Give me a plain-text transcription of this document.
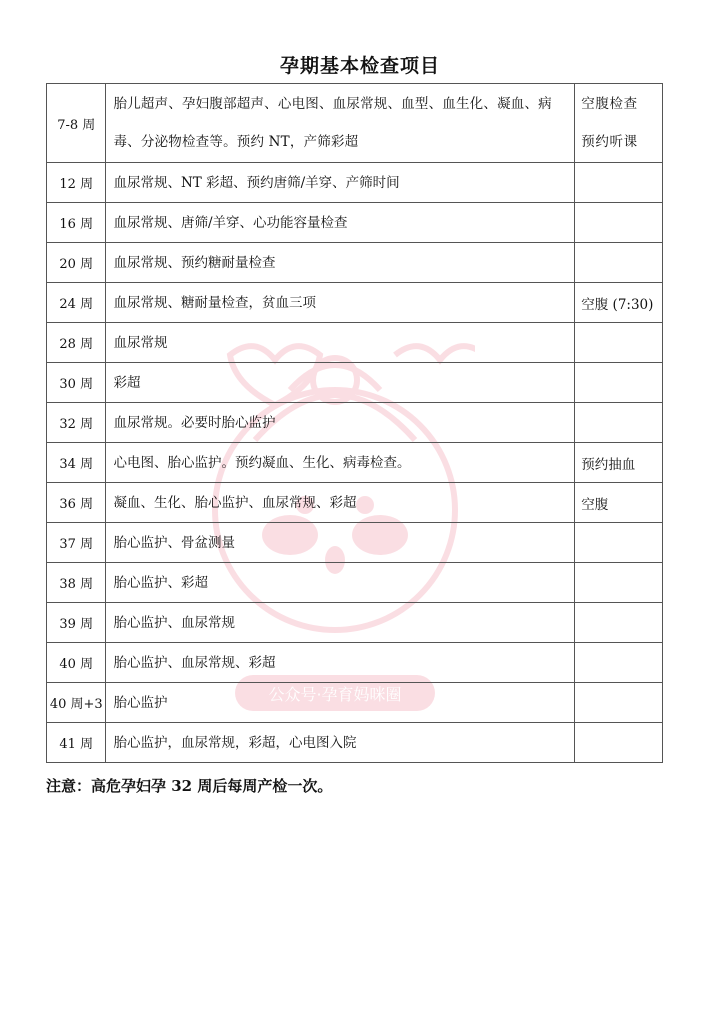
孕期基本检查项目
公众号·孕育妈咪圈
7-8 周	胎儿超声、孕妇腹部超声、心电图、血尿常规、血型、血生化、凝血、病毒、分泌物检查等。预约 NT，产筛彩超	空腹检查 预约听课
12 周	血尿常规、NT 彩超、预约唐筛/羊穿、产筛时间	
16 周	血尿常规、唐筛/羊穿、心功能容量检查	
20 周	血尿常规、预约糖耐量检查	
24 周	血尿常规、糖耐量检查，贫血三项	空腹 (7:30)
28 周	血尿常规	
30 周	彩超	
32 周	血尿常规。必要时胎心监护	
34 周	心电图、胎心监护。预约凝血、生化、病毒检查。	预约抽血
36 周	凝血、生化、胎心监护、血尿常规、彩超	空腹
37 周	胎心监护、骨盆测量	
38 周	胎心监护、彩超	
39 周	胎心监护、血尿常规	
40 周	胎心监护、血尿常规、彩超	
40 周+3	胎心监护	
41 周	胎心监护，血尿常规，彩超，心电图入院	
注意：高危孕妇孕 32 周后每周产检一次。
